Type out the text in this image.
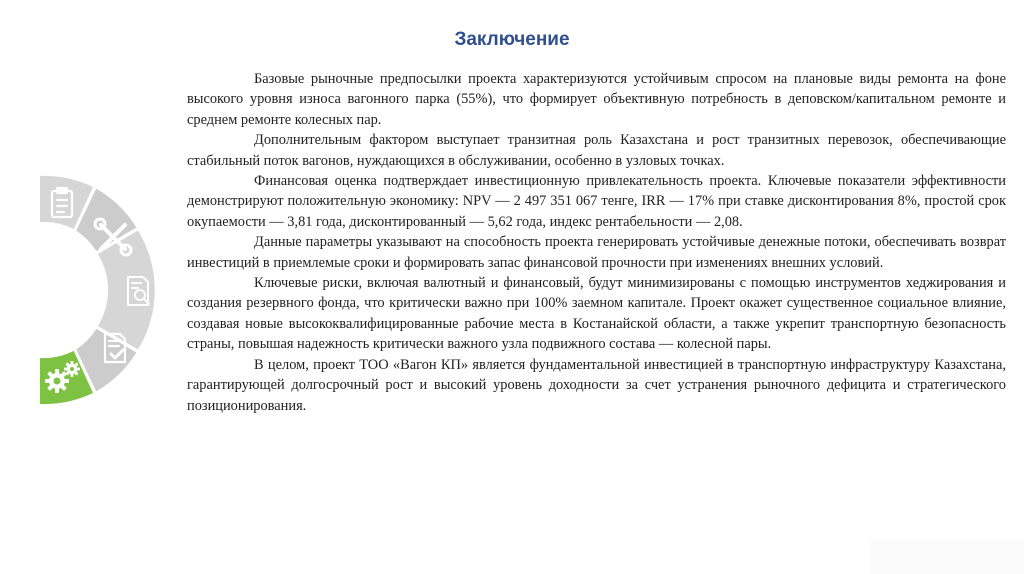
Заключение

Базовые рыночные предпосылки проекта характеризуются устойчивым спросом на плановые виды ремонта на фоне высокого уровня износа вагонного парка (55%), что формирует объективную потребность в деповском/капитальном ремонте и среднем ремонте колесных пар.

Дополнительным фактором выступает транзитная роль Казахстана и рост транзитных перевозок, обеспечивающие стабильный поток вагонов, нуждающихся в обслуживании, особенно в узловых точках.

Финансовая оценка подтверждает инвестиционную привлекательность проекта. Ключевые показатели эффективности демонстрируют положительную экономику: NPV — 2 497 351 067 тенге, IRR — 17% при ставке дисконтирования 8%, простой срок окупаемости — 3,81 года, дисконтированный — 5,62 года, индекс рентабельности — 2,08.

Данные параметры указывают на способность проекта генерировать устойчивые денежные потоки, обеспечивать возврат инвестиций в приемлемые сроки и формировать запас финансовой прочности при изменениях внешних условий.

Ключевые риски, включая валютный и финансовый, будут минимизированы с помощью инструментов хеджирования и создания резервного фонда, что критически важно при 100% заемном капитале. Проект окажет существенное социальное влияние, создавая новые высококвалифицированные рабочие места в Костанайской области, а также укрепит транспортную безопасность страны, повышая надежность критически важного узла подвижного состава — колесной пары.

В целом, проект ТОО «Вагон КП» является фундаментальной инвестицией в транспортную инфраструктуру Казахстана, гарантирующей долгосрочный рост и высокий уровень доходности за счет устранения рыночного дефицита и стратегического позиционирования.
